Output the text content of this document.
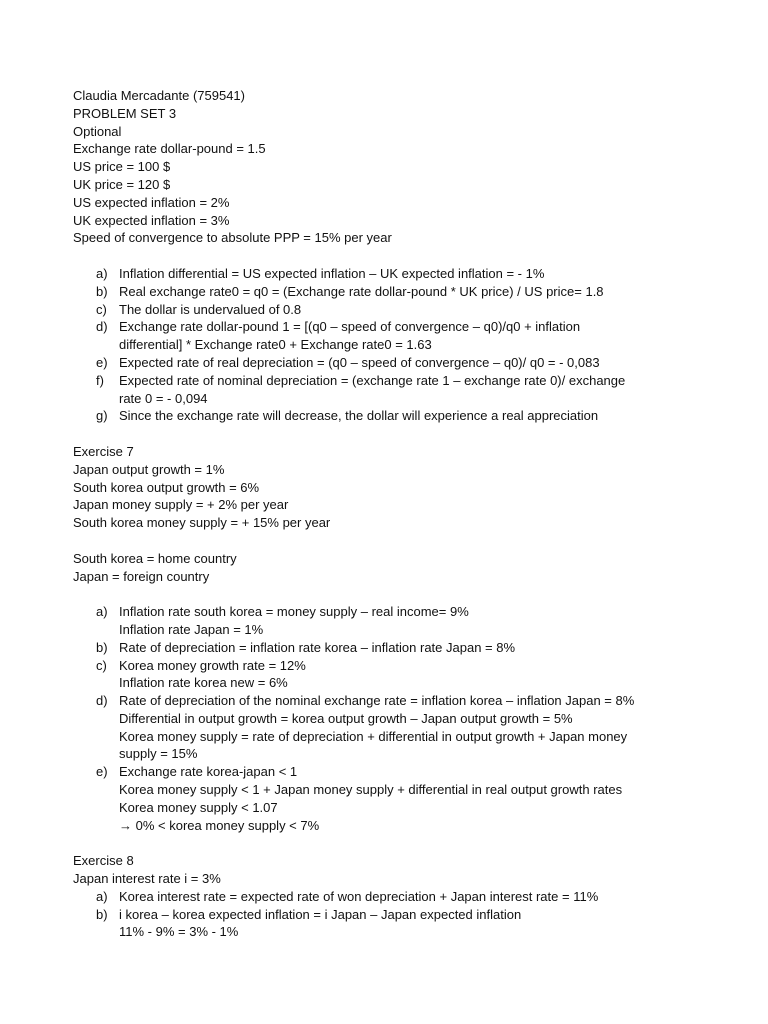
Claudia Mercadante (759541)
PROBLEM SET 3
Optional
Exchange rate dollar-pound = 1.5
US price = 100 $
UK price = 120 $
US expected inflation = 2%
UK expected inflation = 3%
Speed of convergence to absolute PPP = 15% per year
a) Inflation differential = US expected inflation – UK expected inflation = - 1%
b) Real exchange rate0 = q0 = (Exchange rate dollar-pound * UK price) / US price= 1.8
c) The dollar is undervalued of 0.8
d) Exchange rate dollar-pound 1 = [(q0 – speed of convergence – q0)/q0 + inflation
differential] * Exchange rate0 + Exchange rate0 = 1.63
e) Expected rate of real depreciation = (q0 – speed of convergence – q0)/ q0 = - 0,083
f) Expected rate of nominal depreciation = (exchange rate 1 – exchange rate 0)/ exchange
rate 0 = - 0,094
g) Since the exchange rate will decrease, the dollar will experience a real appreciation
Exercise 7
Japan output growth = 1%
South korea output growth = 6%
Japan money supply = + 2% per year
South korea money supply = + 15% per year
South korea = home country
Japan = foreign country
a) Inflation rate south korea = money supply – real income= 9%
Inflation rate Japan = 1%
b) Rate of depreciation = inflation rate korea – inflation rate Japan = 8%
c) Korea money growth rate = 12%
Inflation rate korea new = 6%
d) Rate of depreciation of the nominal exchange rate = inflation korea – inflation Japan = 8%
Differential in output growth = korea output growth – Japan output growth = 5%
Korea money supply = rate of depreciation + differential in output growth + Japan money
supply = 15%
e) Exchange rate korea-japan < 1
Korea money supply < 1 + Japan money supply + differential in real output growth rates
Korea money supply < 1.07
→ 0% < korea money supply < 7%
Exercise 8
Japan interest rate i = 3%
a) Korea interest rate = expected rate of won depreciation + Japan interest rate = 11%
b) i korea – korea expected inflation = i Japan – Japan expected inflation
11% - 9% = 3% - 1%
